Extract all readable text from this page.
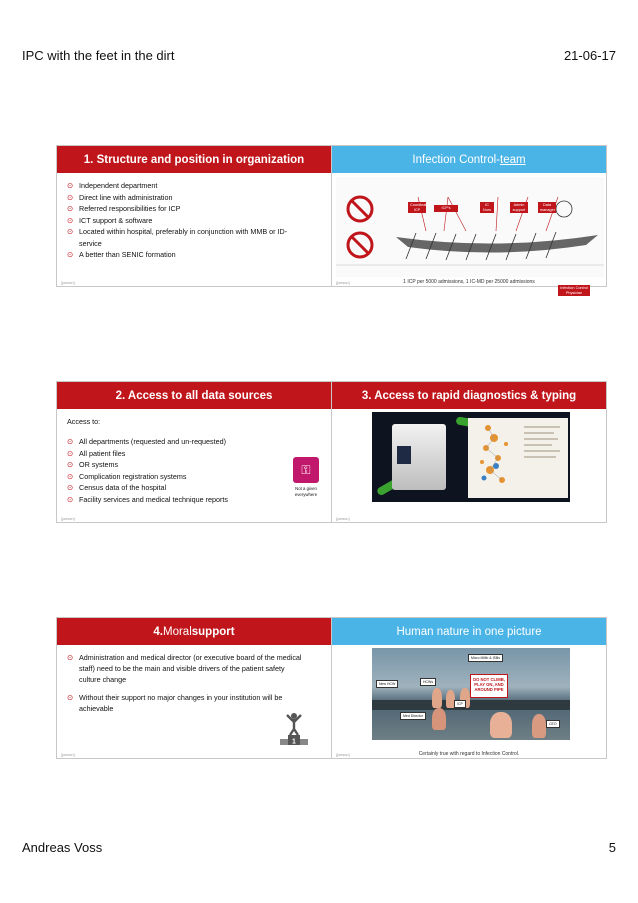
IPC with the feet in the dirt	21-06-17
1. Structure and position in organization
⊙ Independent department
⊙ Direct line with administration
⊙ Referred responsibilities for ICP
⊙ ICT support & software
⊙ Located within hospital, preferably in conjunction with MMB or ID-service
⊙ A better than SENIC formation
{joeson}
Infection Control- team
Coordinating ICP	ICP's
IC Nurs
Admin support
Data manager
Infection Control Physician
1 ICP per 5000 admissions, 1 IC-MD per 25000 admissions
{joeson}
2. Access to all data sources
Access to:
⊙ All departments (requested and un-requested)
⊙ All patient files
⊙ OR systems
⊙ Complication registration systems
⊙ Census data of the hospital
⊙ Facility services and medical technique reports
⚿
Not a given everywhere
{joeson}
3. Access to rapid diagnostics & typing
{joeson}
4. Moral support
⊙ Administration and medical director (or executive board of the medical staff) need to be the main and visible drivers of the patient safety culture change
⊙ Without their support no major changes in your institution will be achievable
1
{joeson}
Human nature in one picture
Micro MMb & ISBs
New HCW	HCWs
ICP
Med Director
CEO
DO NOT CLIMB, PLAY ON, AND AROUND PIPE
Certainly true with regard to Infection Control.
{joeson}
Andreas Voss	5
